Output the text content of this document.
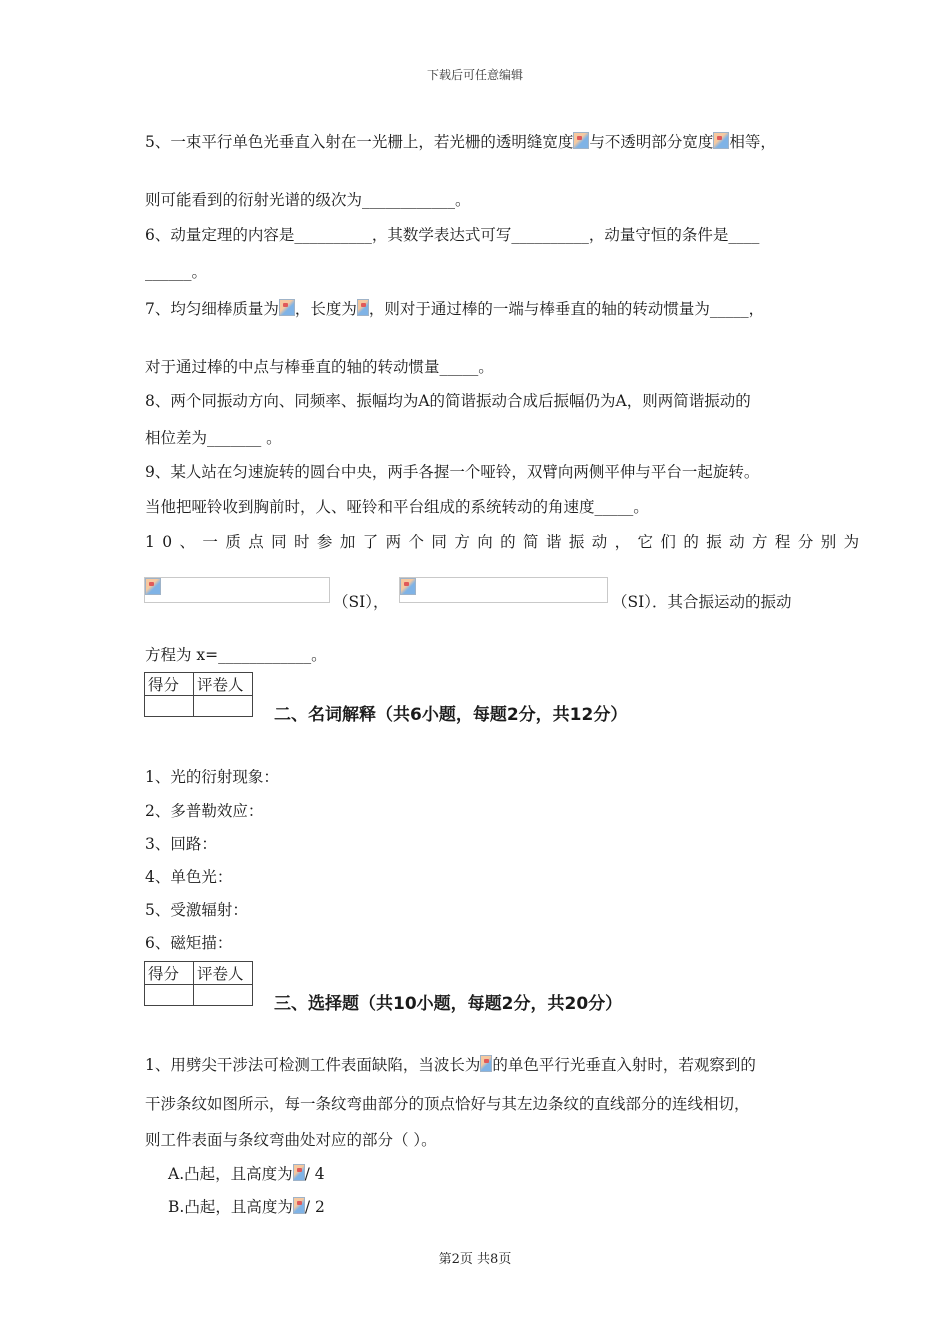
下载后可任意编辑
5、一束平行单色光垂直入射在一光栅上，若光栅的透明缝宽度 与不透明部分宽度 相等，
则可能看到的衍射光谱的级次为____________。
6、动量定理的内容是__________，其数学表达式可写__________，动量守恒的条件是____
______。
7、均匀细棒质量为 ，长度为 ，则对于通过棒的一端与棒垂直的轴的转动惯量为_____，
对于通过棒的中点与棒垂直的轴的转动惯量_____。
8、两个同振动方向、同频率、振幅均为A的简谐振动合成后振幅仍为A，则两简谐振动的
相位差为_______ 。
9、某人站在匀速旋转的圆台中央，两手各握一个哑铃，双臂向两侧平伸与平台一起旋转。
当他把哑铃收到胸前时，人、哑铃和平台组成的系统转动的角速度_____。
10、一质点同时参加了两个同方向的简谐振动，它们的振动方程分别为
（SI），	（SI）．其合振运动的振动
方程为 x=____________。
得分	评卷人

二、名词解释（共6小题，每题2分，共12分）
1、光的衍射现象：
2、多普勒效应：
3、回路：
4、单色光：
5、受激辐射：
6、磁矩描：
得分	评卷人

三、选择题（共10小题，每题2分，共20分）
1、用劈尖干涉法可检测工件表面缺陷，当波长为 的单色平行光垂直入射时，若观察到的
干涉条纹如图所示，每一条纹弯曲部分的顶点恰好与其左边条纹的直线部分的连线相切，
则工件表面与条纹弯曲处对应的部分（ ）。
A.凸起，且高度为 / 4
B.凸起，且高度为 / 2
第2页 共8页
